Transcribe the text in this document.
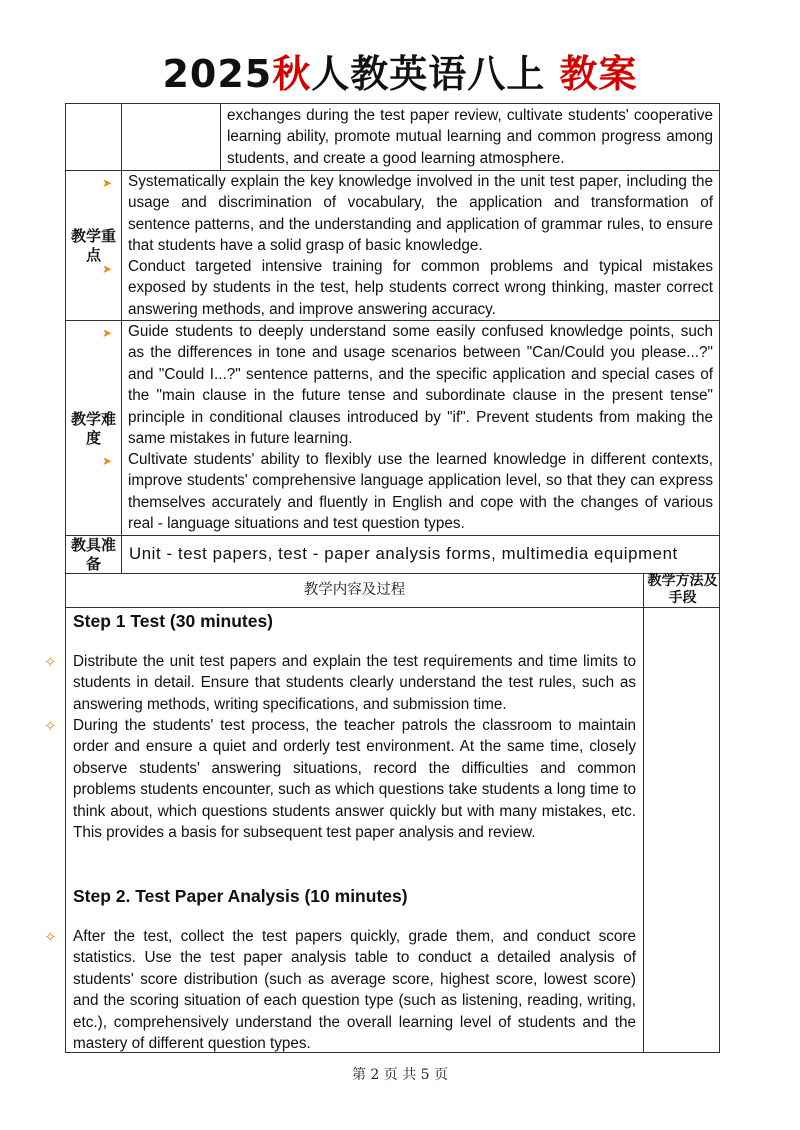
2025秋人教英语八上 教案
exchanges during the test paper review, cultivate students' cooperative learning ability, promote mutual learning and common progress among students, and create a good learning atmosphere.
教学重点
➤
➤
Systematically explain the key knowledge involved in the unit test paper, including the usage and discrimination of vocabulary, the application and transformation of sentence patterns, and the understanding and application of grammar rules, to ensure that students have a solid grasp of basic knowledge.
Conduct targeted intensive training for common problems and typical mistakes exposed by students in the test, help students correct wrong thinking, master correct answering methods, and improve answering accuracy.
教学难度
➤
➤
Guide students to deeply understand some easily confused knowledge points, such as the differences in tone and usage scenarios between "Can/Could you please...?" and "Could I...?" sentence patterns, and the specific application and special cases of the "main clause in the future tense and subordinate clause in the present tense" principle in conditional clauses introduced by "if". Prevent students from making the same mistakes in future learning.
Cultivate students' ability to flexibly use the learned knowledge in different contexts, improve students' comprehensive language application level, so that they can express themselves accurately and fluently in English and cope with the changes of various real - language situations and test question types.
教具准备
Unit - test papers, test - paper analysis forms, multimedia equipment
教学内容及过程
教学方法及手段
Step 1 Test (30 minutes)
✧ Distribute the unit test papers and explain the test requirements and time limits to students in detail. Ensure that students clearly understand the test rules, such as answering methods, writing specifications, and submission time.
✧ During the students' test process, the teacher patrols the classroom to maintain order and ensure a quiet and orderly test environment. At the same time, closely observe students' answering situations, record the difficulties and common problems students encounter, such as which questions take students a long time to think about, which questions students answer quickly but with many mistakes, etc. This provides a basis for subsequent test paper analysis and review.
Step 2. Test Paper Analysis (10 minutes)
✧ After the test, collect the test papers quickly, grade them, and conduct score statistics. Use the test paper analysis table to conduct a detailed analysis of students' score distribution (such as average score, highest score, lowest score) and the scoring situation of each question type (such as listening, reading, writing, etc.), comprehensively understand the overall learning level of students and the mastery of different question types.
第 2 页 共 5 页
